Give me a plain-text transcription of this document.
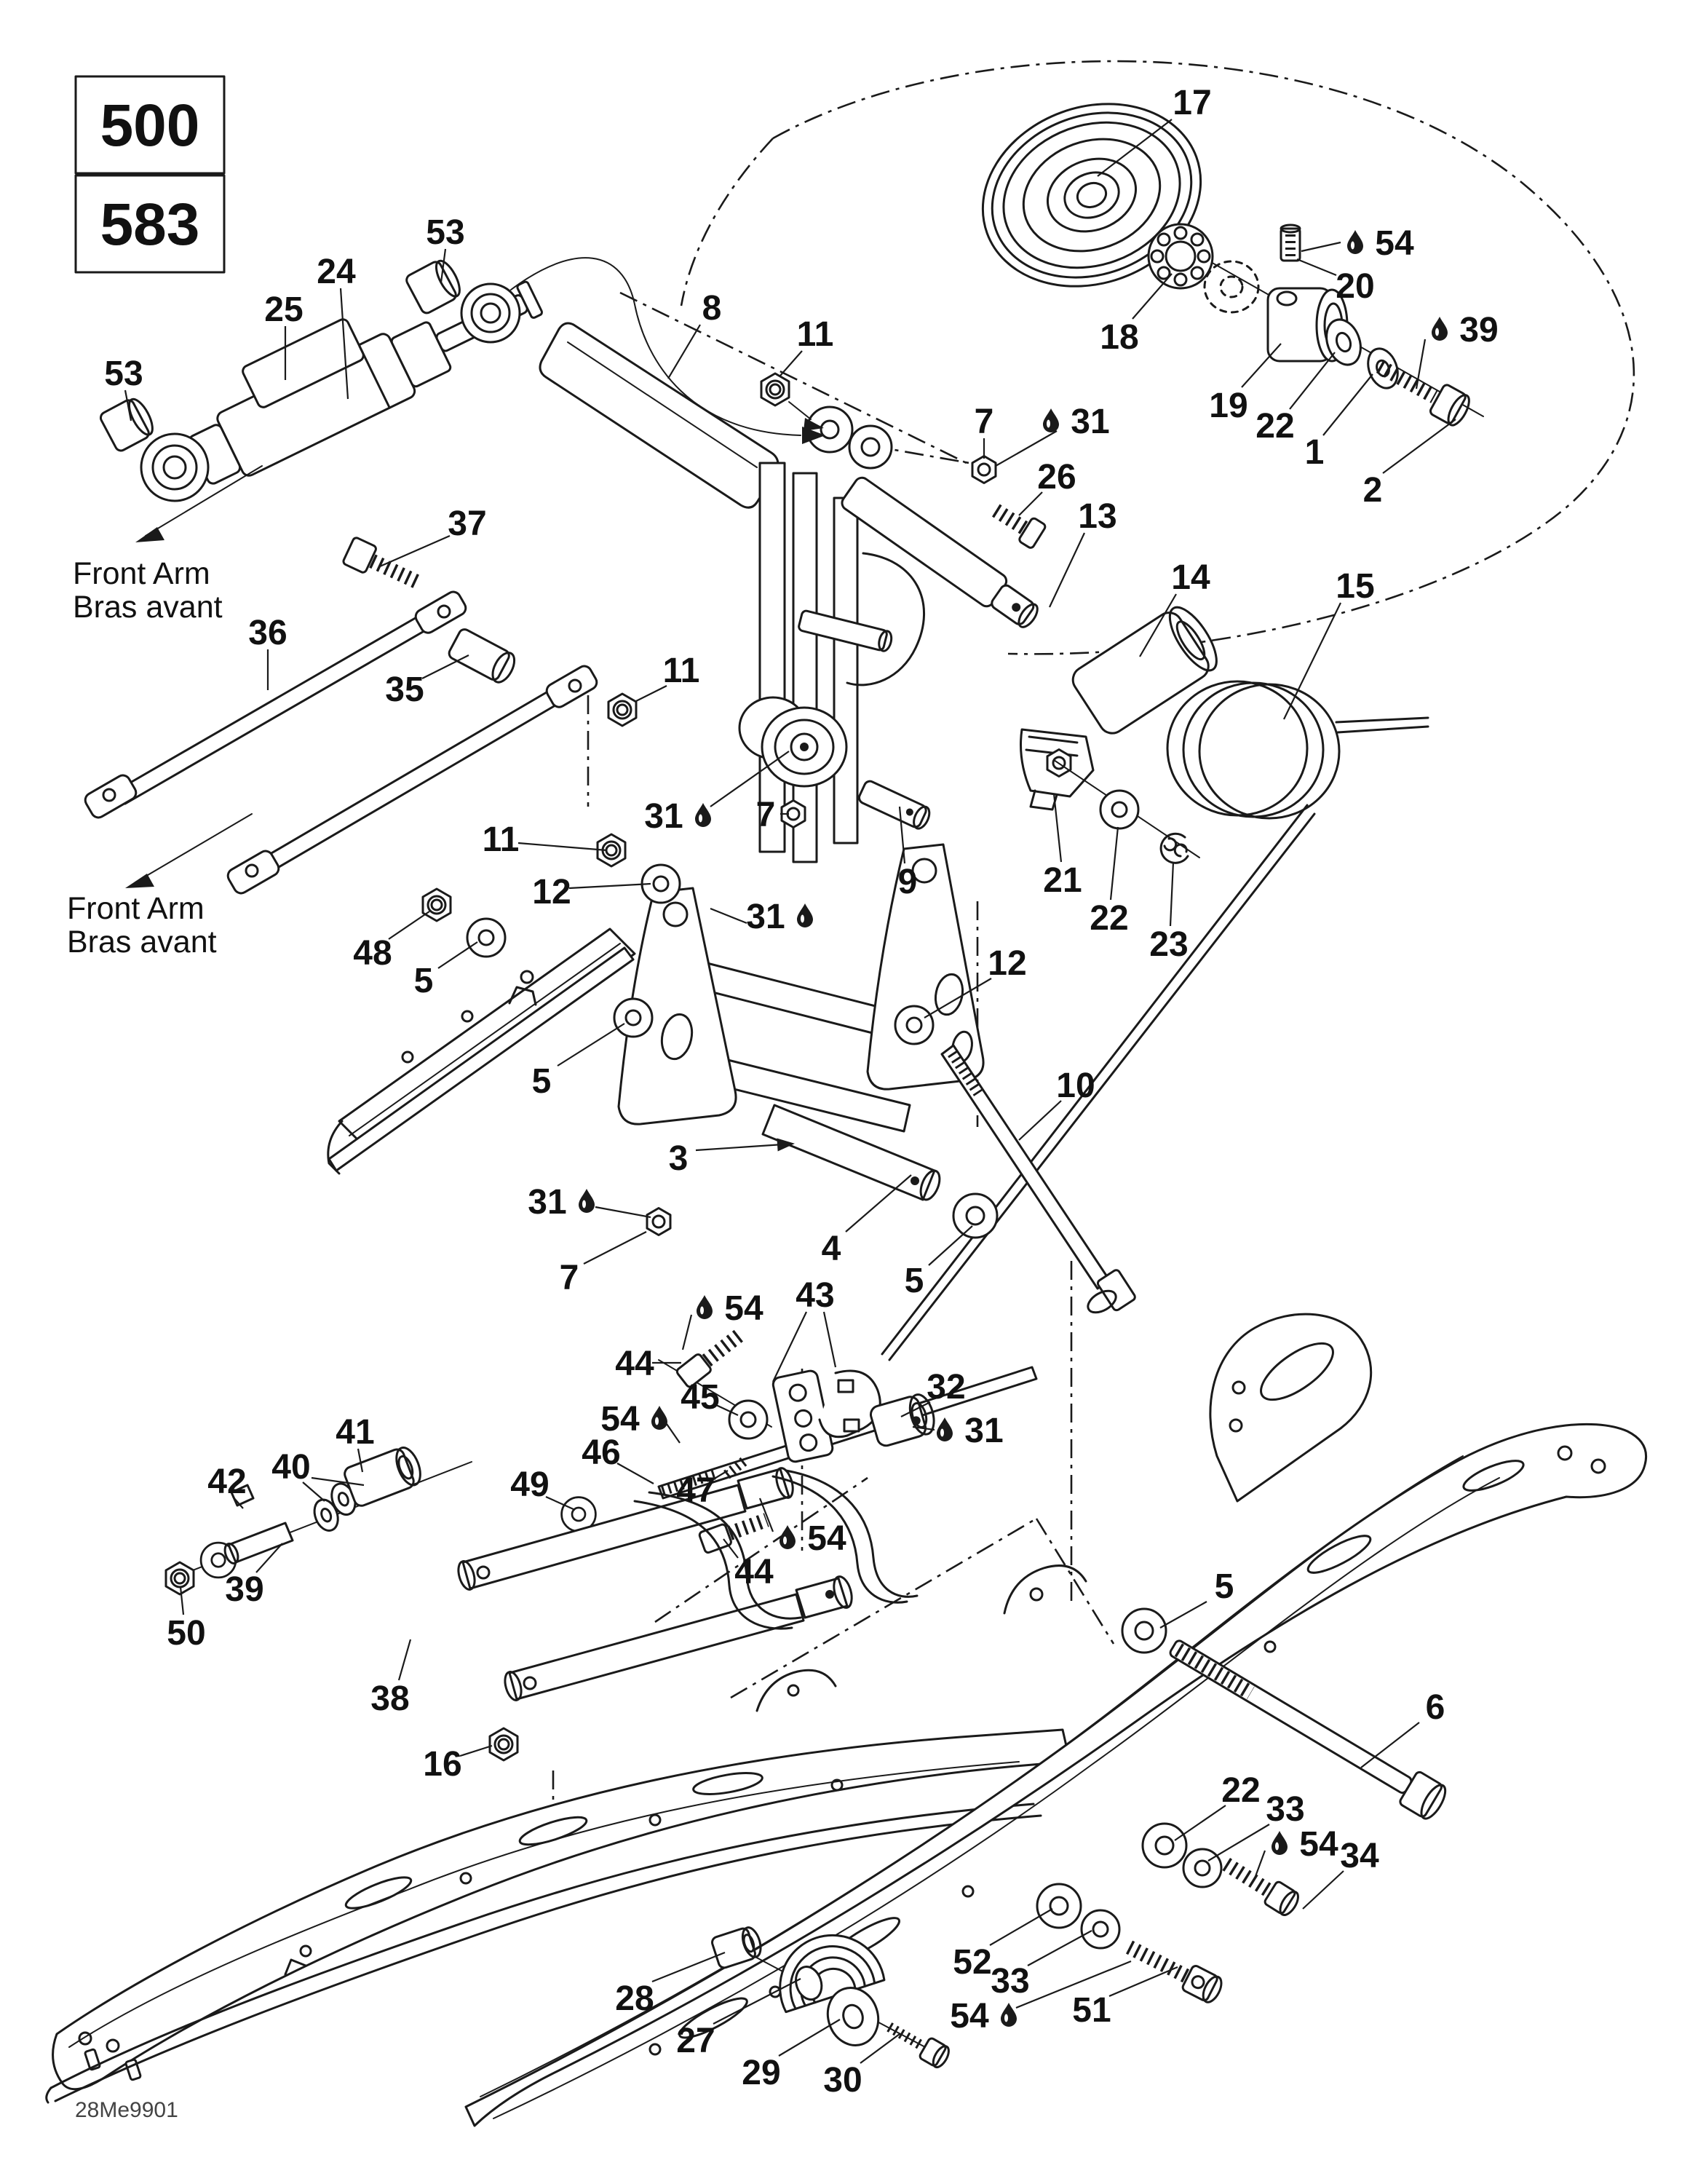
500
583
Front Arm
Bras avant
Front Arm
Bras avant
28Me9901
17
54
20
39
18
19
22
1
2
24
25
53
53
8
11
7 31
26
13
14	15
21
22
23
37
36
35	11
31 7
9
11
12
48
5
31
12
10
3
31
7
4
5
5
54 43
44
45
54
46
32
31
41
40
42	49
39
50
38
16
47
54
44	5
6
22 33
54 34
52
33
54 51
28
27
29 30
